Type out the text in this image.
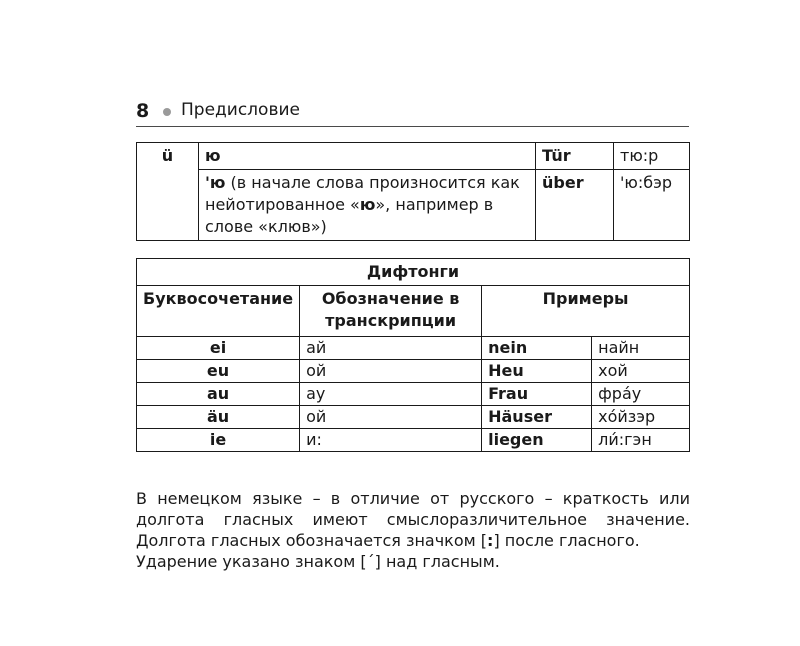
8 Предисловие
ü	ю	Tür	тю:р
	'ю (в начале слова произносится как нейотированное «ю», например в слове «клюв»)	über	'ю:бэр
Дифтонги			
Буквосочетание	Обозначение в транскрипции	Примеры	
ei	ай	nein	найн
eu	ой	Heu	хой
au	ау	Frau	фра́у
äu	ой	Häuser	хо́йзэр
ie	и:	liegen	ли́:гэн

В немецком языке – в отличие от русского – краткость или долгота гласных имеют смыслоразличительное значение. Долгота гласных обозначается значком [:] после гласного.

Ударение указано знаком [´] над гласным.
